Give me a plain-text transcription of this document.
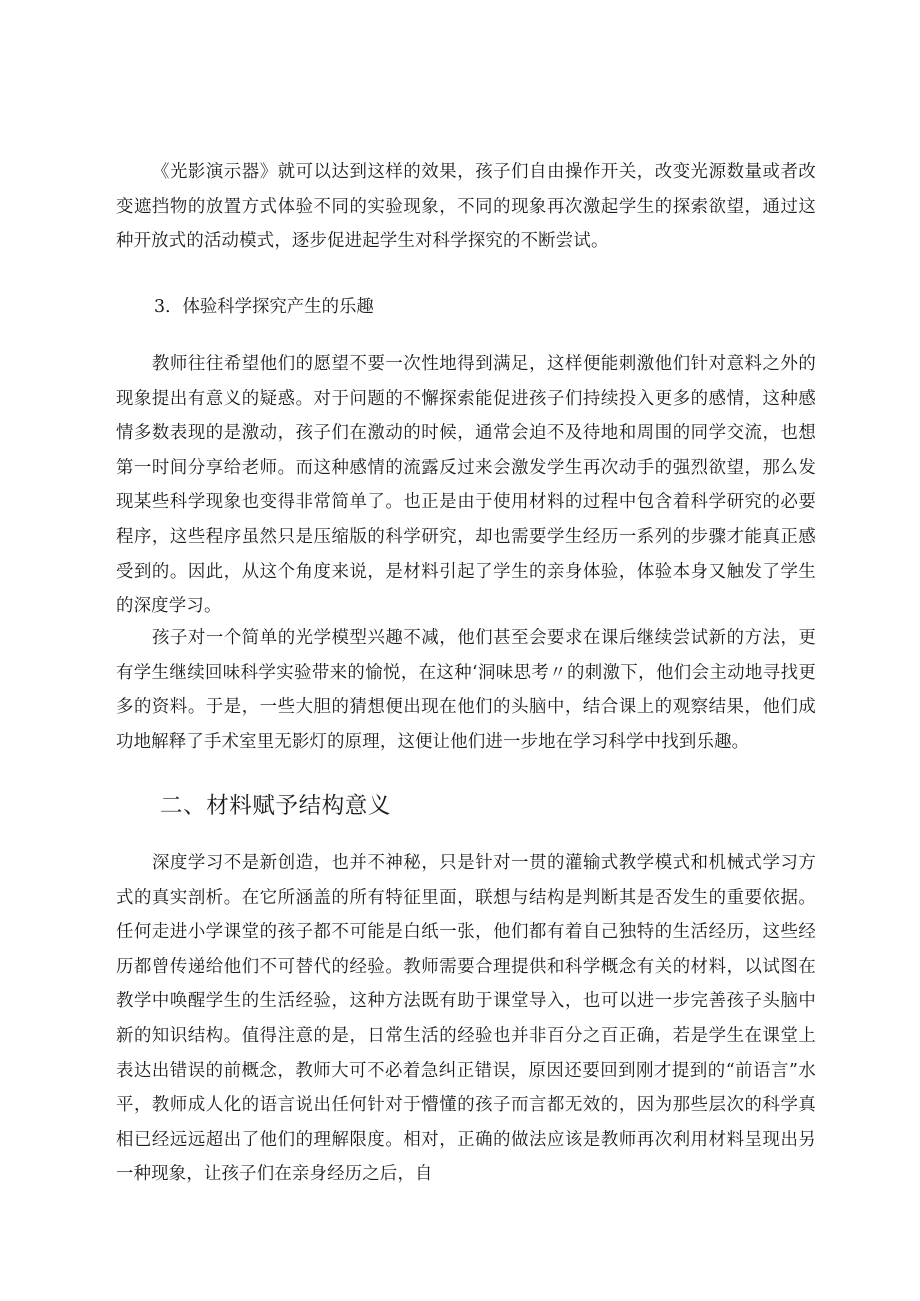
《光影演示器》就可以达到这样的效果，孩子们自由操作开关，改变光源数量或者改变遮挡物的放置方式体验不同的实验现象，不同的现象再次激起学生的探索欲望，通过这种开放式的活动模式，逐步促进起学生对科学探究的不断尝试。

3．体验科学探究产生的乐趣

教师往往希望他们的愿望不要一次性地得到满足，这样便能刺激他们针对意料之外的现象提出有意义的疑惑。对于问题的不懈探索能促进孩子们持续投入更多的感情，这种感情多数表现的是激动，孩子们在激动的时候，通常会迫不及待地和周围的同学交流，也想第一时间分享给老师。而这种感情的流露反过来会激发学生再次动手的强烈欲望，那么发现某些科学现象也变得非常简单了。也正是由于使用材料的过程中包含着科学研究的必要程序，这些程序虽然只是压缩版的科学研究，却也需要学生经历一系列的步骤才能真正感受到的。因此，从这个角度来说，是材料引起了学生的亲身体验，体验本身又触发了学生的深度学习。

孩子对一个简单的光学模型兴趣不减，他们甚至会要求在课后继续尝试新的方法，更有学生继续回味科学实验带来的愉悦，在这种‘洞味思考〃的刺激下，他们会主动地寻找更多的资料。于是，一些大胆的猜想便出现在他们的头脑中，结合课上的观察结果，他们成功地解释了手术室里无影灯的原理，这便让他们进一步地在学习科学中找到乐趣。

二、材料赋予结构意义

深度学习不是新创造，也并不神秘，只是针对一贯的灌输式教学模式和机械式学习方式的真实剖析。在它所涵盖的所有特征里面，联想与结构是判断其是否发生的重要依据。任何走进小学课堂的孩子都不可能是白纸一张，他们都有着自己独特的生活经历，这些经历都曾传递给他们不可替代的经验。教师需要合理提供和科学概念有关的材料，以试图在教学中唤醒学生的生活经验，这种方法既有助于课堂导入，也可以进一步完善孩子头脑中新的知识结构。值得注意的是，日常生活的经验也并非百分之百正确，若是学生在课堂上表达出错误的前概念，教师大可不必着急纠正错误，原因还要回到刚才提到的“前语言”水平，教师成人化的语言说出任何针对于懵懂的孩子而言都无效的，因为那些层次的科学真相已经远远超出了他们的理解限度。相对，正确的做法应该是教师再次利用材料呈现出另一种现象，让孩子们在亲身经历之后，自
